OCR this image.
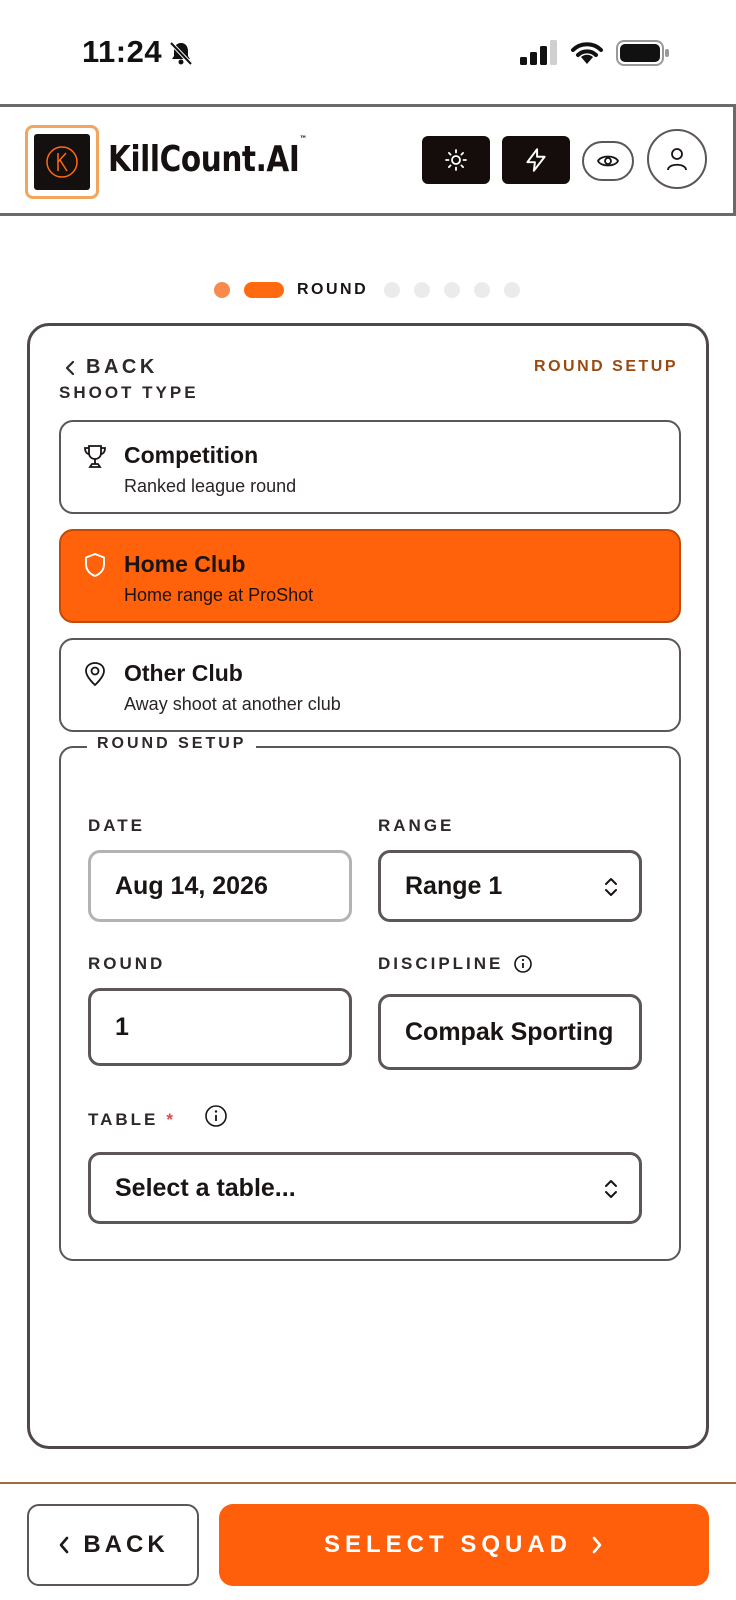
11:24
KillCount.AI™
ROUND
BACK	ROUND SETUP
SHOOT TYPE
Competition
Ranked league round
Home Club
Home range at ProShot
Other Club
Away shoot at another club
ROUND SETUP
DATE
Aug 14, 2026
RANGE
Range 1
ROUND
1
DISCIPLINE
Compak Sporting
TABLE *
Select a table...
BACK	SELECT SQUAD
